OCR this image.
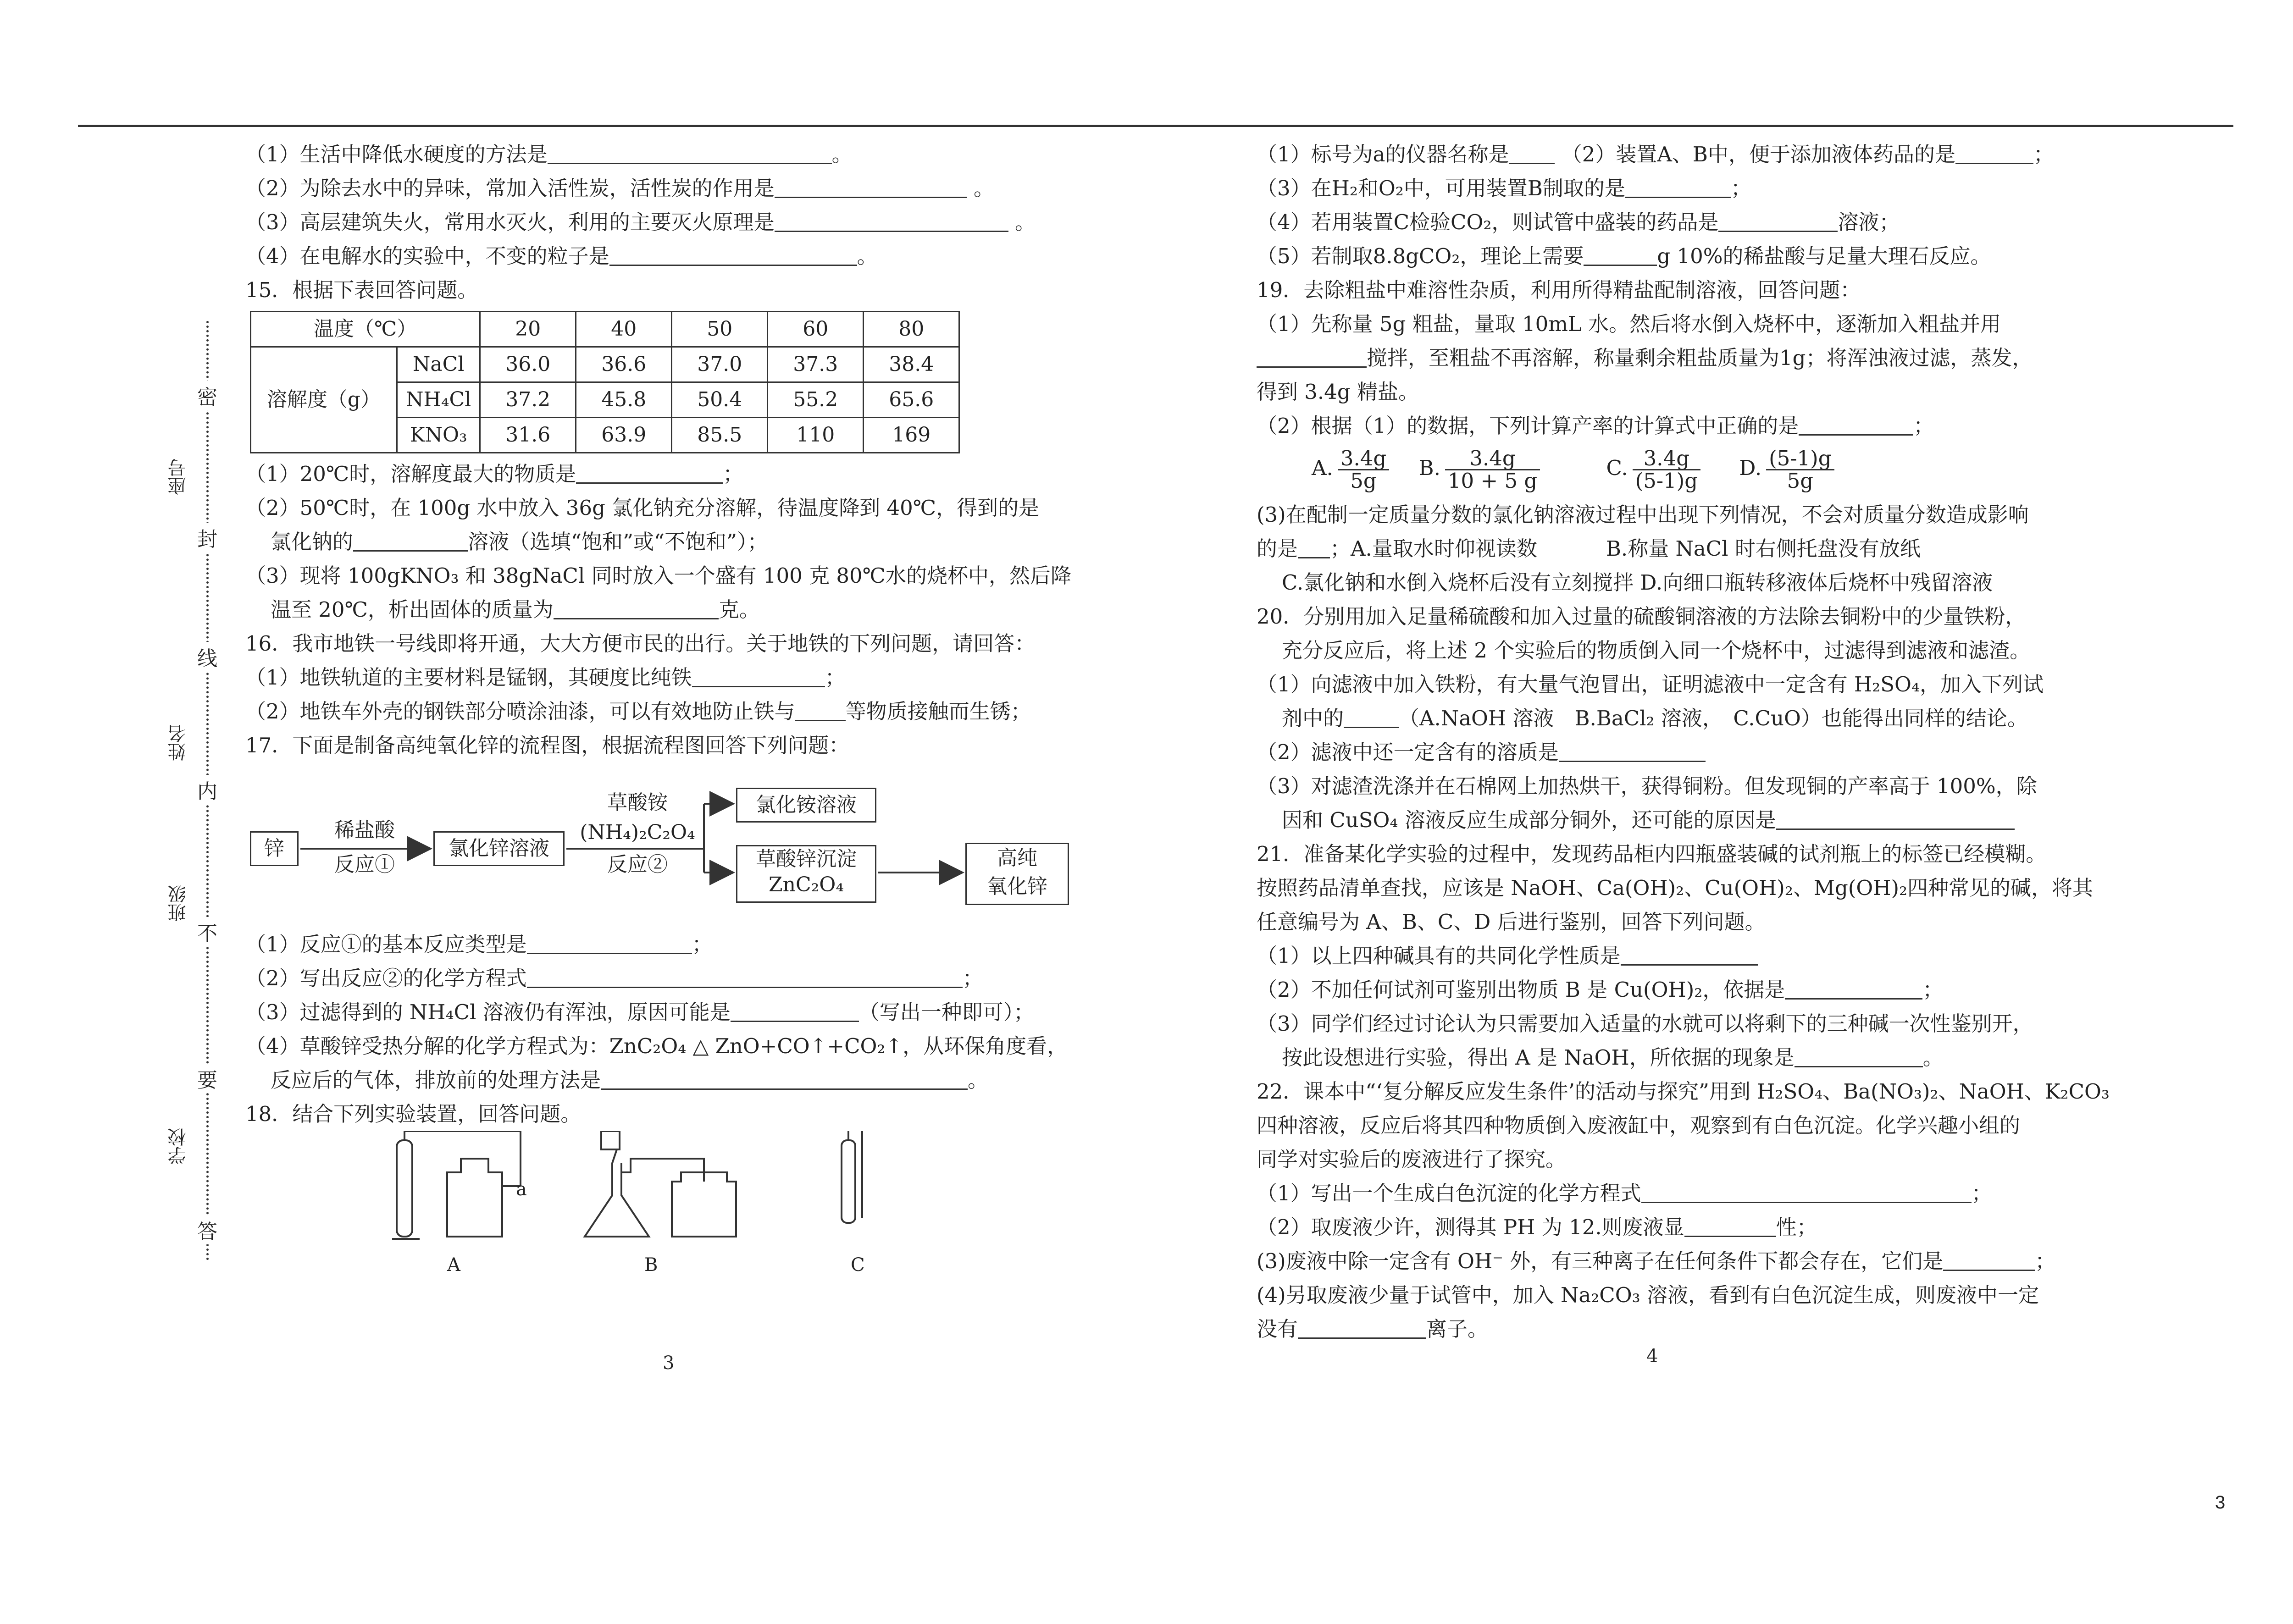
密
封
线
内
不
要
答
座号
姓名
班级
学校
（1）生活中降低水硬度的方法是	。
（2）为除去水中的异味，常加入活性炭，活性炭的作用是	。
（3）高层建筑失火，常用水灭火，利用的主要灭火原理是	。
（4）在电解水的实验中，不变的粒子是	。
15．根据下表回答问题。
温度（℃）		20	40	50	60	80
溶解度（g）	NaCl	36.0	36.6	37.0	37.3	38.4
	NH₄Cl	37.2	45.8	50.4	55.2	65.6
	KNO₃	31.6	63.9	85.5	110	169
（1）20℃时，溶解度最大的物质是	；
（2）50℃时，在 100g 水中放入 36g 氯化钠充分溶解，待温度降到 40℃，得到的是
氯化钠的	溶液（选填“饱和”或“不饱和”）；
（3）现将 100gKNO₃ 和 38gNaCl 同时放入一个盛有 100 克 80℃水的烧杯中，然后降
温至 20℃，析出固体的质量为	克。
16．我市地铁一号线即将开通，大大方便市民的出行。关于地铁的下列问题，请回答：
（1）地铁轨道的主要材料是锰钢，其硬度比纯铁	；
（2）地铁车外壳的钢铁部分喷涂油漆，可以有效地防止铁与 等物质接触而生锈；
17．下面是制备高纯氧化锌的流程图，根据流程图回答下列问题：
锌
稀盐酸
反应①
氯化锌溶液
草酸铵
(NH₄)₂C₂O₄
反应②
氯化铵溶液
草酸锌沉淀
ZnC₂O₄
高纯
氧化锌
（1）反应①的基本反应类型是	；
（2）写出反应②的化学方程式	；
（3）过滤得到的 NH₄Cl 溶液仍有浑浊，原因可能是	（写出一种即可）；
（4）草酸锌受热分解的化学方程式为：ZnC₂O₄ △ ZnO+CO↑+CO₂↑，从环保角度看，
反应后的气体，排放前的处理方法是	。
18．结合下列实验装置，回答问题。
a
A	B	C
3
（1）标号为a的仪器名称是	（2）装置A、B中，便于添加液体药品的是	；
（3）在H₂和O₂中，可用装置B制取的是	；
（4）若用装置C检验CO₂，则试管中盛装的药品是	溶液；
（5）若制取8.8gCO₂，理论上需要	g 10%的稀盐酸与足量大理石反应。
19．去除粗盐中难溶性杂质，利用所得精盐配制溶液，回答问题：
（1）先称量 5g 粗盐，量取 10mL 水。然后将水倒入烧杯中，逐渐加入粗盐并用
搅拌，至粗盐不再溶解，称量剩余粗盐质量为1g；将浑浊液过滤，蒸发，
得到 3.4g 精盐。
（2）根据（1）的数据，下列计算产率的计算式中正确的是	；
A. $\frac{3.4g}{5g} B$. $\frac{3.4g}{10 + 5 g}$	C. $\frac{3.4g}{(5-1)g} D$. $\frac{(5-1)g}{5g}$
(3)在配制一定质量分数的氯化钠溶液过程中出现下列情况，不会对质量分数造成影响
的是 ；A.量取水时仰视读数	B.称量 NaCl 时右侧托盘没有放纸
C.氯化钠和水倒入烧杯后没有立刻搅拌 D.向细口瓶转移液体后烧杯中残留溶液
20．分别用加入足量稀硫酸和加入过量的硫酸铜溶液的方法除去铜粉中的少量铁粉，
充分反应后，将上述 2 个实验后的物质倒入同一个烧杯中，过滤得到滤液和滤渣。
（1）向滤液中加入铁粉，有大量气泡冒出，证明滤液中一定含有 H₂SO₄，加入下列试
剂中的	（A.NaOH 溶液　B.BaCl₂ 溶液，　C.CuO）也能得出同样的结论。
（2）滤液中还一定含有的溶质是
（3）对滤渣洗涤并在石棉网上加热烘干，获得铜粉。但发现铜的产率高于 100%，除
因和 CuSO₄ 溶液反应生成部分铜外，还可能的原因是
21．准备某化学实验的过程中，发现药品柜内四瓶盛装碱的试剂瓶上的标签已经模糊。
按照药品清单查找，应该是 NaOH、Ca(OH)₂、Cu(OH)₂、Mg(OH)₂四种常见的碱，将其
任意编号为 A、B、C、D 后进行鉴别，回答下列问题。
（1）以上四种碱具有的共同化学性质是
（2）不加任何试剂可鉴别出物质 B 是 Cu(OH)₂，依据是	；
（3）同学们经过讨论认为只需要加入适量的水就可以将剩下的三种碱一次性鉴别开，
按此设想进行实验，得出 A 是 NaOH，所依据的现象是	。
22．课本中“‘复分解反应发生条件’的活动与探究”用到 H₂SO₄、Ba(NO₃)₂、NaOH、K₂CO₃
四种溶液，反应后将其四种物质倒入废液缸中，观察到有白色沉淀。化学兴趣小组的
同学对实验后的废液进行了探究。
（1）写出一个生成白色沉淀的化学方程式	；
（2）取废液少许，测得其 PH 为 12.则废液显	性；
(3)废液中除一定含有 OH⁻ 外，有三种离子在任何条件下都会存在，它们是	；
(4)另取废液少量于试管中，加入 Na₂CO₃ 溶液，看到有白色沉淀生成，则废液中一定
没有	离子。
4
3
